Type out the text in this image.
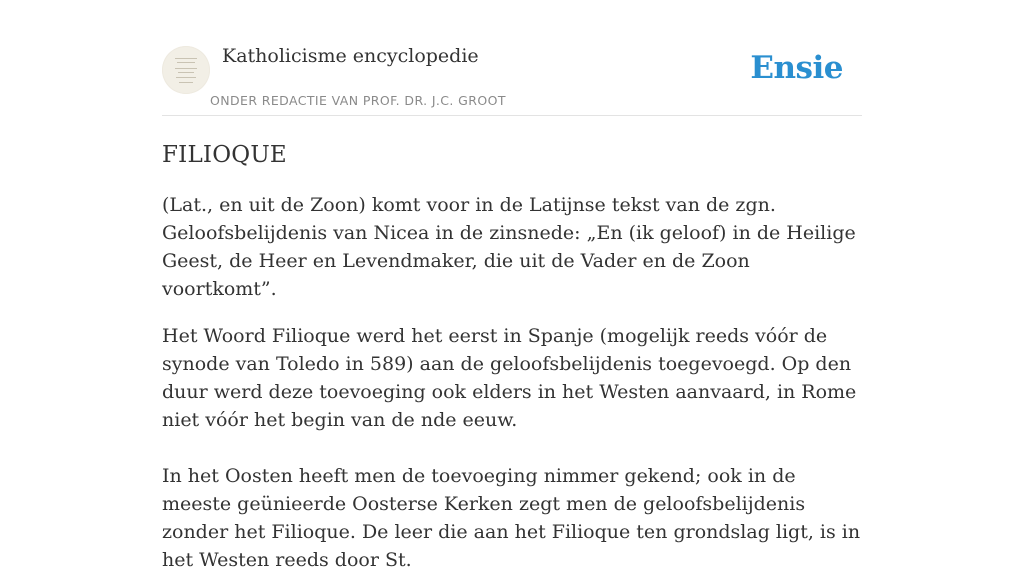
Katholicisme encyclopedie
ONDER REDACTIE VAN PROF. DR. J.C. GROOT
Ensie
FILIOQUE

(Lat., en uit de Zoon) komt voor in de Latijnse tekst van de zgn. Geloofsbelijdenis van Nicea in de zinsnede: „En (ik geloof) in de Heilige Geest, de Heer en Levendmaker, die uit de Vader en de Zoon voortkomt”.

Het Woord Filioque werd het eerst in Spanje (mogelijk reeds vóór de synode van Toledo in 589) aan de geloofsbelijdenis toegevoegd. Op den duur werd deze toevoeging ook elders in het Westen aanvaard, in Rome niet vóór het begin van de nde eeuw.

In het Oosten heeft men de toevoeging nimmer gekend; ook in de meeste geünieerde Oosterse Kerken zegt men de geloofsbelijdenis zonder het Filioque. De leer die aan het Filioque ten grondslag ligt, is in het Westen reeds door St.
